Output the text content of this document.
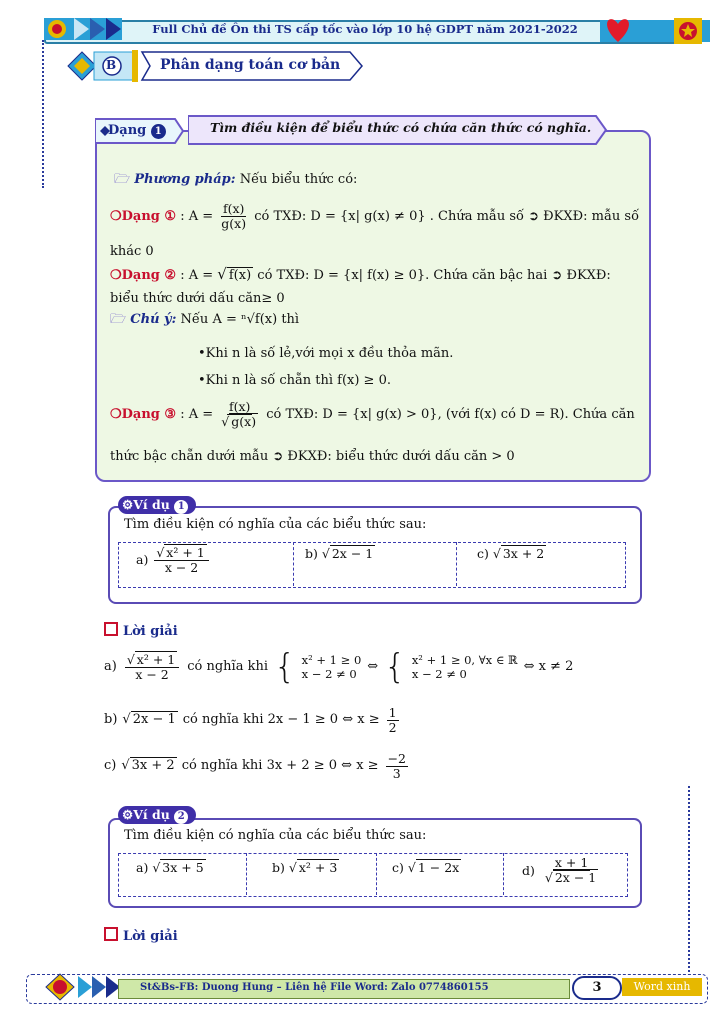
Full Chủ đề Ôn thi TS cấp tốc vào lớp 10 hệ GDPT năm 2021-2022
B	Phân dạng toán cơ bản
Dạng 1	Tìm điều kiện để biểu thức có chứa căn thức có nghĩa.
🗁 Phương pháp: Nếu biểu thức có:
❍Dạng ① : $A = \frac{f(x)}{g(x)}$ có TXĐ: D = {x| g(x) ≠ 0} . Chứa mẫu số ➲ ĐKXĐ: mẫu số
khác 0
❍Dạng ② : A = √ f(x) có TXĐ: D = {x| f(x) ≥ 0}. Chứa căn bậc hai ➲ ĐKXĐ:
biểu thức dưới dấu căn≥ 0
🗁 Chú ý: Nếu A = ⁿ√f(x) thì
•Khi n là số lẻ,với mọi x đều thỏa mãn.
•Khi n là số chẵn thì f(x) ≥ 0.
❍Dạng ③ : $A = \frac{f(x)}{√ g(x)}$ có TXĐ: D = {x| g(x) > 0}, (với f(x) có D = R). Chứa căn
thức bậc chẵn dưới mẫu ➲ ĐKXĐ: biểu thức dưới dấu căn > 0
⚙Ví dụ 1
Tìm điều kiện có nghĩa của các biểu thức sau:
$a) \frac{\text{√ x² + 1}}{x - 2}$	b) √ 2x − 1	c) √ 3x + 2
Lời giải
$a) \frac{\text{√ x² + 1}}{x - 2}$ có nghĩa khi { x² + 1 ≥ 0
x − 2 ≠ 0
⇔ { x² + 1 ≥ 0, ∀x ∈ ℝ
x − 2 ≠ 0
⇔ x ≠ 2
b) √ 2x − 1 có nghĩa khi 2x − 1 ≥ 0 ⇔ $x \ge \frac{1}{2}$
c) √ 3x + 2 có nghĩa khi 3x + 2 ≥ 0 ⇔ $x \ge \frac{-2}{3}$
⚙Ví dụ 2
Tìm điều kiện có nghĩa của các biểu thức sau:
a) √ 3x + 5	b) √ x² + 3	c) √ 1 − 2x	$d) \frac{x + 1}{√ 2x - 1}$
Lời giải
St&Bs-FB: Duong Hung – Liên hệ File Word: Zalo 0774860155	3	Word xinh
